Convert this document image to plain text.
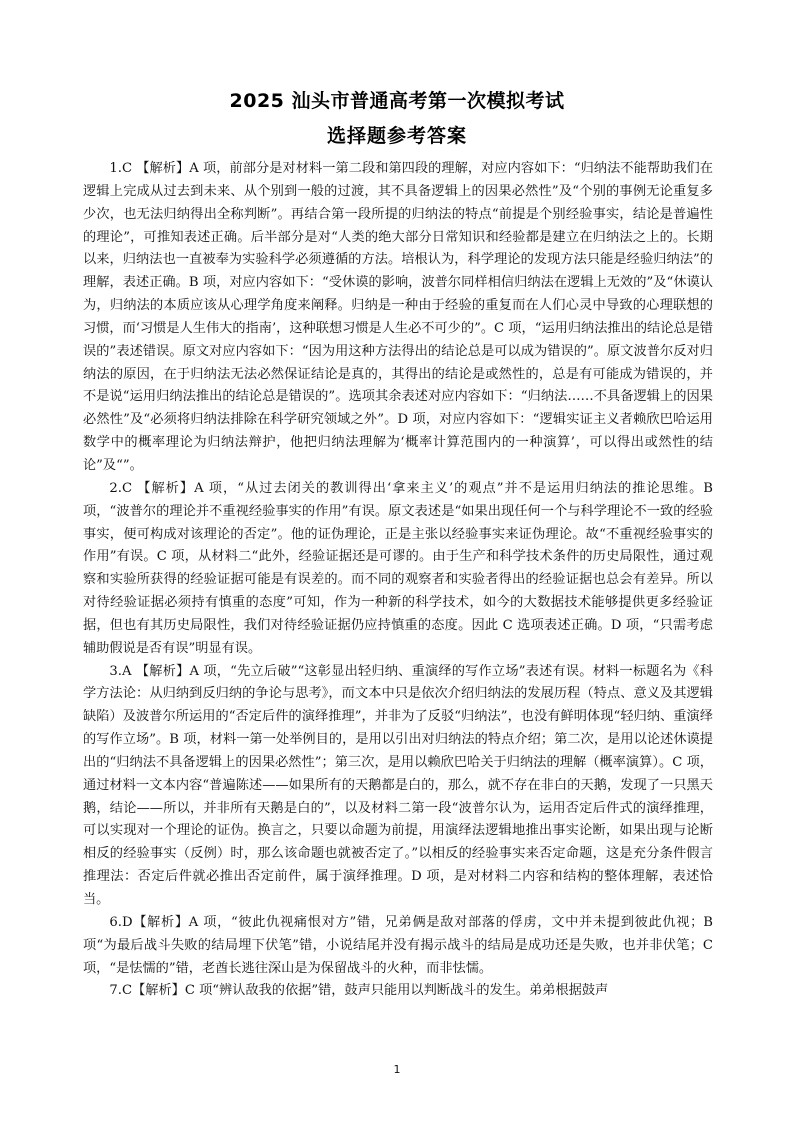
2025 汕头市普通高考第一次模拟考试
选择题参考答案

1.C 【解析】A 项，前部分是对材料一第二段和第四段的理解，对应内容如下：“归纳法不能帮助我们在逻辑上完成从过去到未来、从个别到一般的过渡，其不具备逻辑上的因果必然性”及“个别的事例无论重复多少次，也无法归纳得出全称判断”。再结合第一段所提的归纳法的特点“前提是个别经验事实，结论是普遍性的理论”，可推知表述正确。后半部分是对“人类的绝大部分日常知识和经验都是建立在归纳法之上的。长期以来，归纳法也一直被奉为实验科学必须遵循的方法。培根认为，科学理论的发现方法只能是经验归纳法”的理解，表述正确。B 项，对应内容如下：“受休谟的影响，波普尔同样相信归纳法在逻辑上无效的”及“休谟认为，归纳法的本质应该从心理学角度来阐释。归纳是一种由于经验的重复而在人们心灵中导致的心理联想的习惯，而‘习惯是人生伟大的指南’，这种联想习惯是人生必不可少的”。C 项，“运用归纳法推出的结论总是错误的”表述错误。原文对应内容如下：“因为用这种方法得出的结论总是可以成为错误的”。原文波普尔反对归纳法的原因，在于归纳法无法必然保证结论是真的，其得出的结论是或然性的，总是有可能成为错误的，并不是说“运用归纳法推出的结论总是错误的”。选项其余表述对应内容如下：“归纳法……不具备逻辑上的因果必然性”及“必须将归纳法排除在科学研究领域之外”。D 项，对应内容如下：“逻辑实证主义者赖欣巴哈运用数学中的概率理论为归纳法辩护，他把归纳法理解为‘概率计算范围内的一种演算’，可以得出或然性的结论”及“”。

2.C 【解析】A 项，“从过去闭关的教训得出‘拿来主义’的观点”并不是运用归纳法的推论思维。B 项，“波普尔的理论并不重视经验事实的作用”有误。原文表述是“如果出现任何一个与科学理论不一致的经验事实，便可构成对该理论的否定”。他的证伪理论，正是主张以经验事实来证伪理论。故“不重视经验事实的作用”有误。C 项，从材料二“此外，经验证据还是可谬的。由于生产和科学技术条件的历史局限性，通过观察和实验所获得的经验证据可能是有误差的。而不同的观察者和实验者得出的经验证据也总会有差异。所以对待经验证据必须持有慎重的态度”可知，作为一种新的科学技术，如今的大数据技术能够提供更多经验证据，但也有其历史局限性，我们对待经验证据仍应持慎重的态度。因此 C 选项表述正确。D 项，“只需考虑辅助假说是否有误”明显有误。

3.A 【解析】A 项，“先立后破”“这彰显出轻归纳、重演绎的写作立场”表述有误。材料一标题名为《科学方法论：从归纳到反归纳的争论与思考》，而文本中只是依次介绍归纳法的发展历程（特点、意义及其逻辑缺陷）及波普尔所运用的“否定后件的演绎推理”，并非为了反驳“归纳法”，也没有鲜明体现“轻归纳、重演绎的写作立场”。B 项，材料一第一处举例目的，是用以引出对归纳法的特点介绍；第二次，是用以论述休谟提出的“归纳法不具备逻辑上的因果必然性”；第三次，是用以赖欣巴哈关于归纳法的理解（概率演算）。C 项，通过材料一文本内容“普遍陈述——如果所有的天鹅都是白的，那么，就不存在非白的天鹅，发现了一只黑天鹅，结论——所以，并非所有天鹅是白的”，以及材料二第一段“波普尔认为，运用否定后件式的演绎推理，可以实现对一个理论的证伪。换言之，只要以命题为前提，用演绎法逻辑地推出事实论断，如果出现与论断相反的经验事实（反例）时，那么该命题也就被否定了。”以相反的经验事实来否定命题，这是充分条件假言推理法：否定后件就必推出否定前件，属于演绎推理。D 项，是对材料二内容和结构的整体理解，表述恰当。

6.D【解析】A 项，“彼此仇视痛恨对方”错，兄弟俩是敌对部落的俘虏，文中并未提到彼此仇视；B 项“为最后战斗失败的结局埋下伏笔”错，小说结尾并没有揭示战斗的结局是成功还是失败，也并非伏笔；C 项，“是怯懦的”错，老酋长逃往深山是为保留战斗的火种，而非怯懦。

7.C【解析】C 项“辨认敌我的依据”错，鼓声只能用以判断战斗的发生。弟弟根据鼓声

1
